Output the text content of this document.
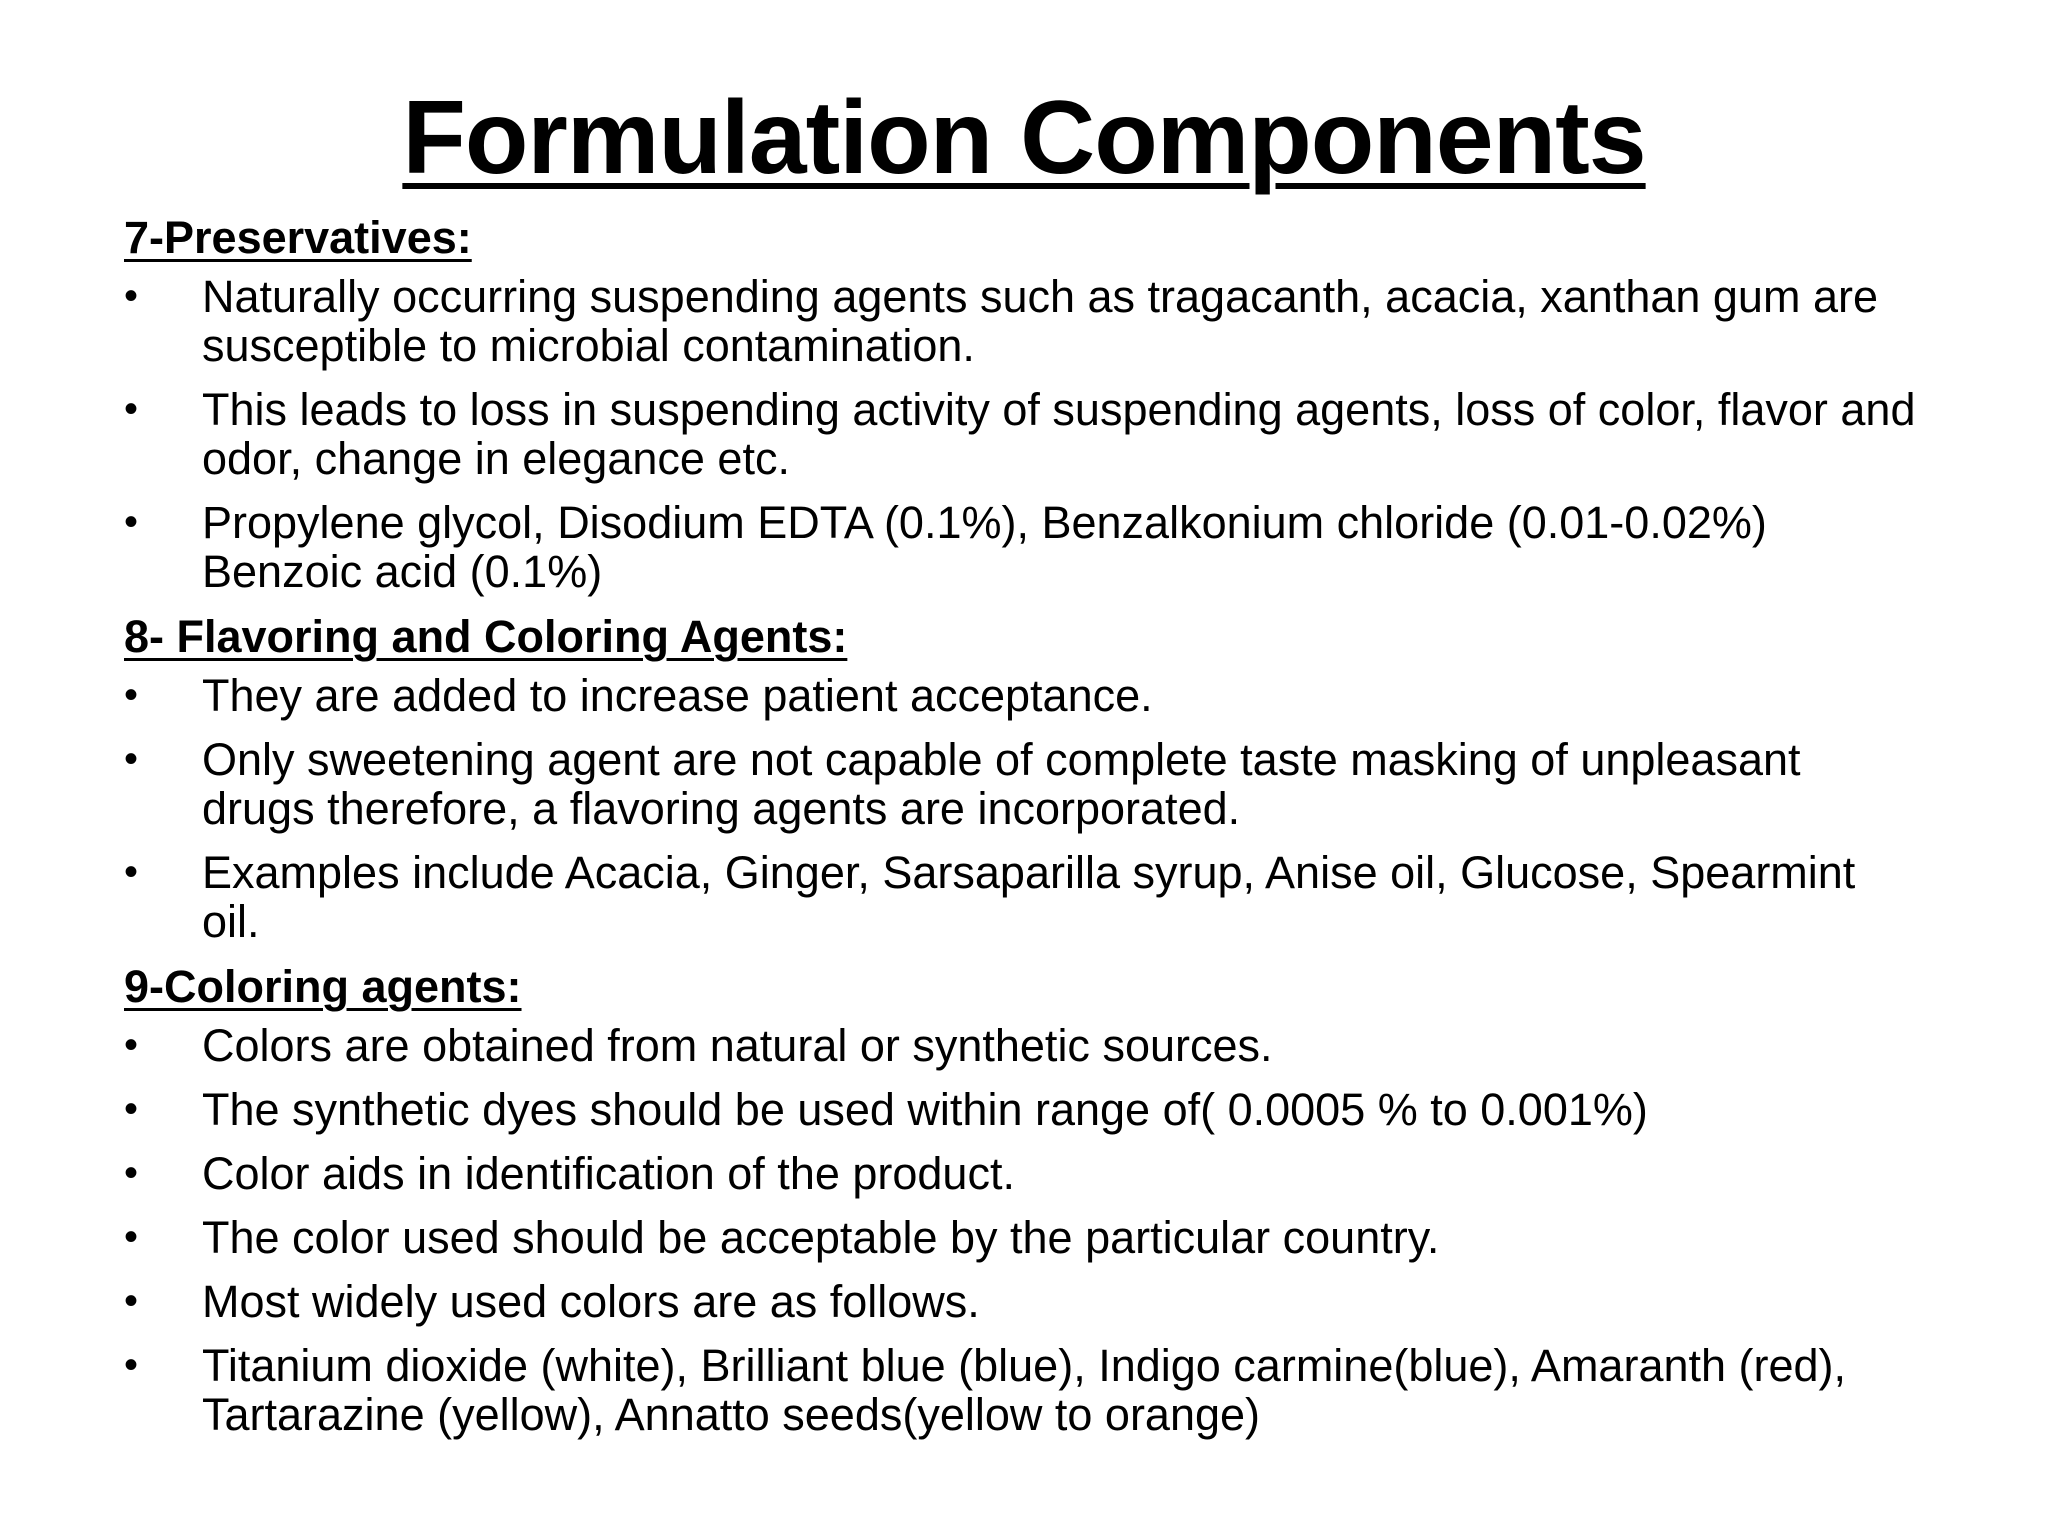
Formulation Components
7-Preservatives:
•	Naturally occurring suspending agents such as tragacanth, acacia, xanthan gum are susceptible to microbial contamination.
•	This leads to loss in suspending activity of suspending agents, loss of color, flavor and odor, change in elegance etc.
•	Propylene glycol, Disodium EDTA (0.1%), Benzalkonium chloride (0.01-0.02%) Benzoic acid (0.1%)
8- Flavoring and Coloring Agents:
•	They are added to increase patient acceptance.
•	Only sweetening agent are not capable of complete taste masking of unpleasant drugs therefore, a flavoring agents are incorporated.
•	Examples include Acacia, Ginger, Sarsaparilla syrup, Anise oil, Glucose, Spearmint oil.
9-Coloring agents:
•	Colors are obtained from natural or synthetic sources.
•	The synthetic dyes should be used within range of( 0.0005 % to 0.001%)
•	Color aids in identification of the product.
•	The color used should be acceptable by the particular country.
•	Most widely used colors are as follows.
•	Titanium dioxide (white), Brilliant blue (blue), Indigo carmine(blue), Amaranth (red), Tartarazine (yellow), Annatto seeds(yellow to orange)
